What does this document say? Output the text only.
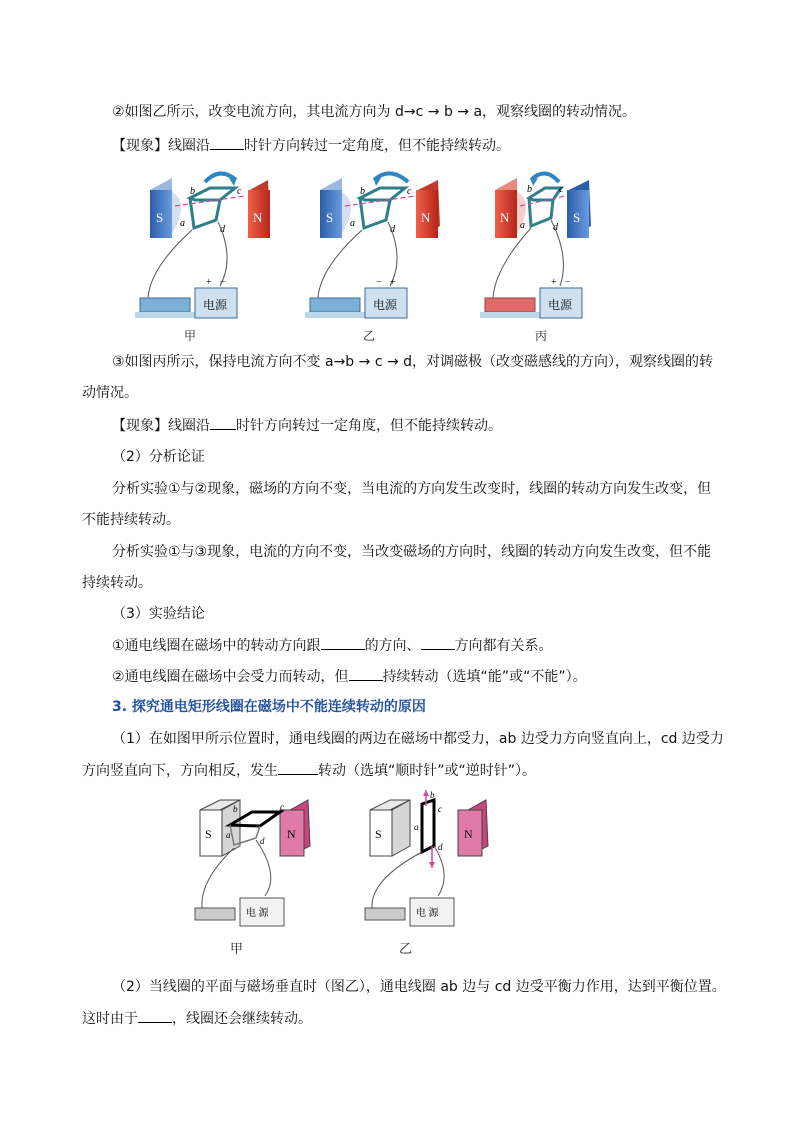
②如图乙所示，改变电流方向，其电流方向为 d→c → b → a，观察线圈的转动情况。
【现象】线圈沿 时针方向转过一定角度，但不能持续转动。
S	N
b	c
a
d
电源
+ −
S	N
b	c
a
d
电源
− +
N	S
b	c
a	d
电源
+ −
甲	乙	丙
③如图丙所示，保持电流方向不变 a→b → c → d，对调磁极（改变磁感线的方向），观察线圈的转
动情况。
【现象】线圈沿 时针方向转过一定角度，但不能持续转动。
（2）分析论证
分析实验①与②现象，磁场的方向不变，当电流的方向发生改变时，线圈的转动方向发生改变，但
不能持续转动。
分析实验①与③现象，电流的方向不变，当改变磁场的方向时，线圈的转动方向发生改变，但不能
持续转动。
（3）实验结论
①通电线圈在磁场中的转动方向跟	的方向、 方向都有关系。
②通电线圈在磁场中会受力而转动，但 持续转动（选填“能”或“不能”）。
3. 探究通电矩形线圈在磁场中不能连续转动的原因
（1）在如图甲所示位置时，通电线圈的两边在磁场中都受力，ab 边受力方向竖直向上，cd 边受力
方向竖直向下，方向相反，发生	转动（选填“顺时针”或“逆时针”）。
S	N
b	c
a
d
电 源
S	N
b
c
a
d
电 源
甲	乙
（2）当线圈的平面与磁场垂直时（图乙），通电线圈 ab 边与 cd 边受平衡力作用，达到平衡位置。
这时由于 ，线圈还会继续转动。
